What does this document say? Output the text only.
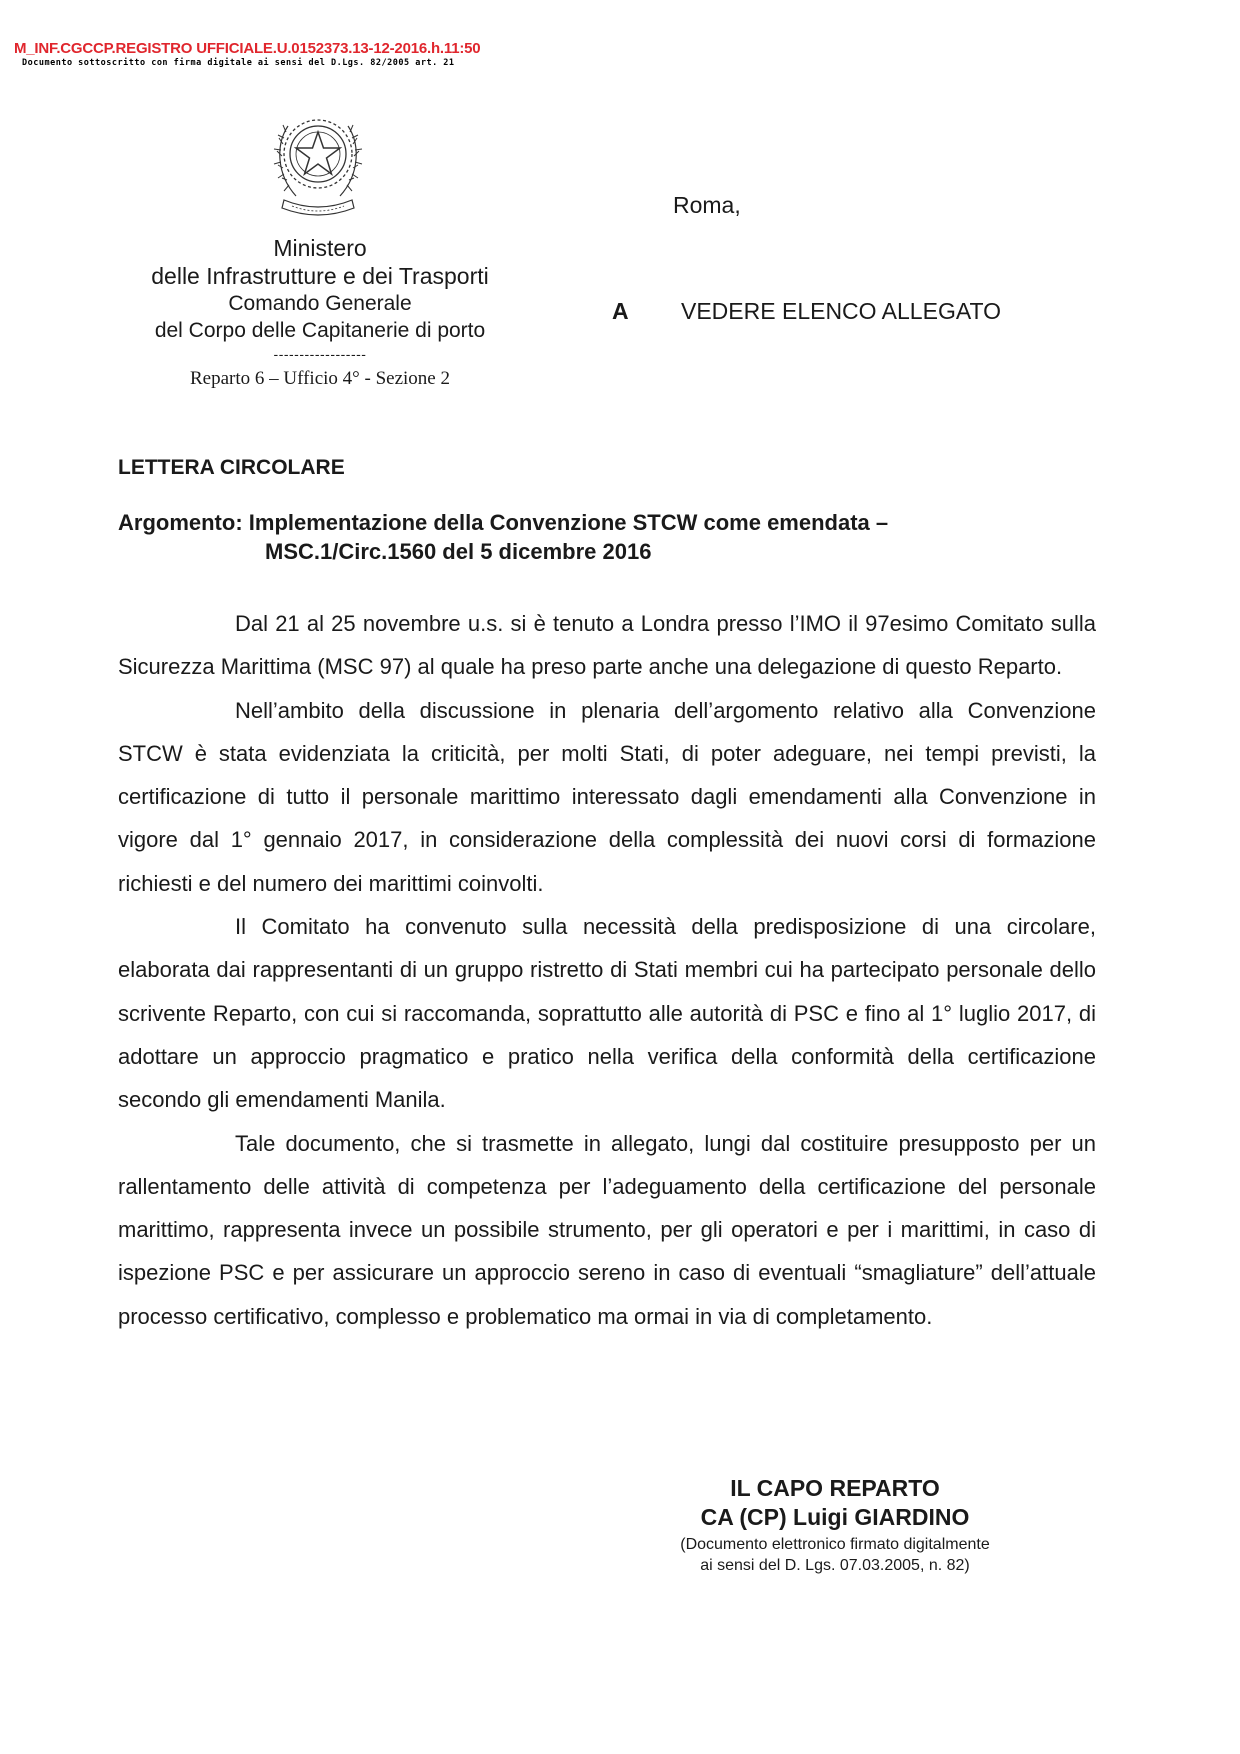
M_INF.CGCCP.REGISTRO UFFICIALE.U.0152373.13-12-2016.h.11:50
Documento sottoscritto con firma digitale ai sensi del D.Lgs. 82/2005 art. 21
Ministero
delle Infrastrutture e dei Trasporti
Comando Generale
del Corpo delle Capitanerie di porto
------------------
Reparto 6 – Ufficio 4° - Sezione 2
Roma,
A VEDERE ELENCO ALLEGATO
LETTERA CIRCOLARE
Argomento: Implementazione della Convenzione STCW come emendata –
MSC.1/Circ.1560 del 5 dicembre 2016

Dal 21 al 25 novembre u.s. si è tenuto a Londra presso l’IMO il 97esimo Comitato sulla Sicurezza Marittima (MSC 97) al quale ha preso parte anche una delegazione di questo Reparto.

Nell’ambito della discussione in plenaria dell’argomento relativo alla Convenzione STCW è stata evidenziata la criticità, per molti Stati, di poter adeguare, nei tempi previsti, la certificazione di tutto il personale marittimo interessato dagli emendamenti alla Convenzione in vigore dal 1° gennaio 2017, in considerazione della complessità dei nuovi corsi di formazione richiesti e del numero dei marittimi coinvolti.

Il Comitato ha convenuto sulla necessità della predisposizione di una circolare, elaborata dai rappresentanti di un gruppo ristretto di Stati membri cui ha partecipato personale dello scrivente Reparto, con cui si raccomanda, soprattutto alle autorità di PSC e fino al 1° luglio 2017, di adottare un approccio pragmatico e pratico nella verifica della conformità della certificazione secondo gli emendamenti Manila.

Tale documento, che si trasmette in allegato, lungi dal costituire presupposto per un rallentamento delle attività di competenza per l’adeguamento della certificazione del personale marittimo, rappresenta invece un possibile strumento, per gli operatori e per i marittimi, in caso di ispezione PSC e per assicurare un approccio sereno in caso di eventuali “smagliature” dell’attuale processo certificativo, complesso e problematico ma ormai in via di completamento.

IL CAPO REPARTO
CA (CP) Luigi GIARDINO
(Documento elettronico firmato digitalmente
ai sensi del D. Lgs. 07.03.2005, n. 82)
